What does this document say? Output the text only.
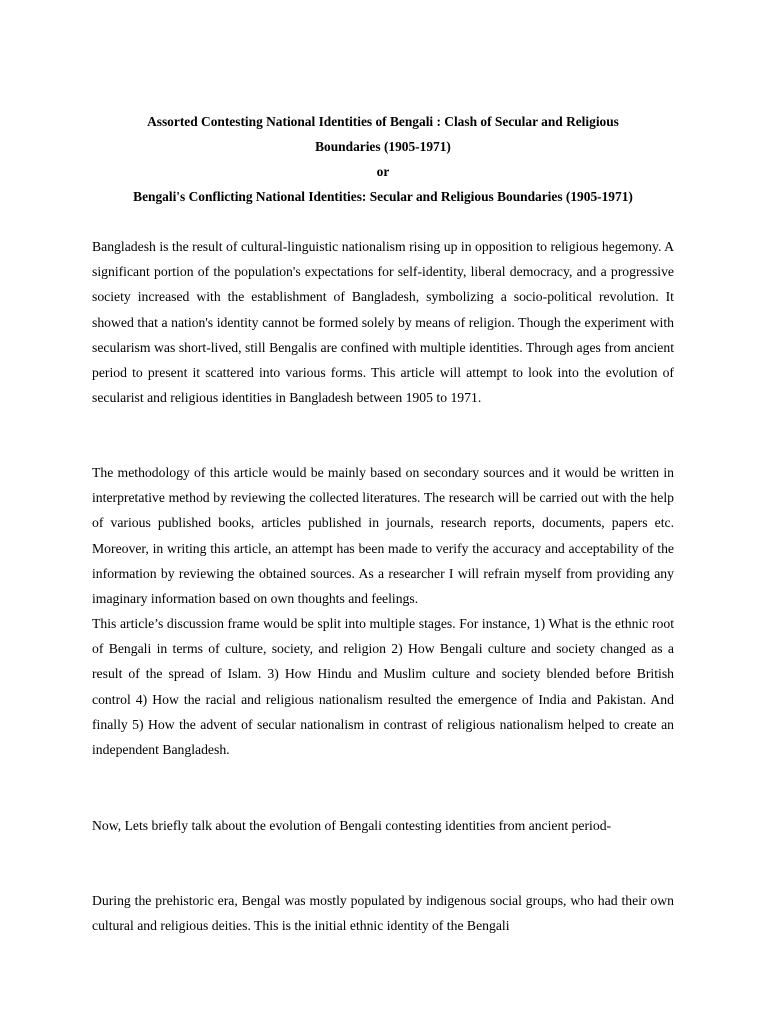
Assorted Contesting National Identities of Bengali : Clash of Secular and Religious

Boundaries (1905-1971)

or

Bengali's Conflicting National Identities: Secular and Religious Boundaries (1905-1971)

Bangladesh is the result of cultural-linguistic nationalism rising up in opposition to religious hegemony. A significant portion of the population's expectations for self-identity, liberal democracy, and a progressive society increased with the establishment of Bangladesh, symbolizing a socio-political revolution. It showed that a nation's identity cannot be formed solely by means of religion. Though the experiment with secularism was short-lived, still Bengalis are confined with multiple identities. Through ages from ancient period to present it scattered into various forms. This article will attempt to look into the evolution of secularist and religious identities in Bangladesh between 1905 to 1971.

The methodology of this article would be mainly based on secondary sources and it would be written in interpretative method by reviewing the collected literatures. The research will be carried out with the help of various published books, articles published in journals, research reports, documents, papers etc. Moreover, in writing this article, an attempt has been made to verify the accuracy and acceptability of the information by reviewing the obtained sources. As a researcher I will refrain myself from providing any imaginary information based on own thoughts and feelings.

This article’s discussion frame would be split into multiple stages. For instance, 1) What is the ethnic root of Bengali in terms of culture, society, and religion 2) How Bengali culture and society changed as a result of the spread of Islam. 3) How Hindu and Muslim culture and society blended before British control 4) How the racial and religious nationalism resulted the emergence of India and Pakistan. And finally 5) How the advent of secular nationalism in contrast of religious nationalism helped to create an independent Bangladesh.

Now, Lets briefly talk about the evolution of Bengali contesting identities from ancient period-

During the prehistoric era, Bengal was mostly populated by indigenous social groups, who had their own cultural and religious deities. This is the initial ethnic identity of the Bengali
